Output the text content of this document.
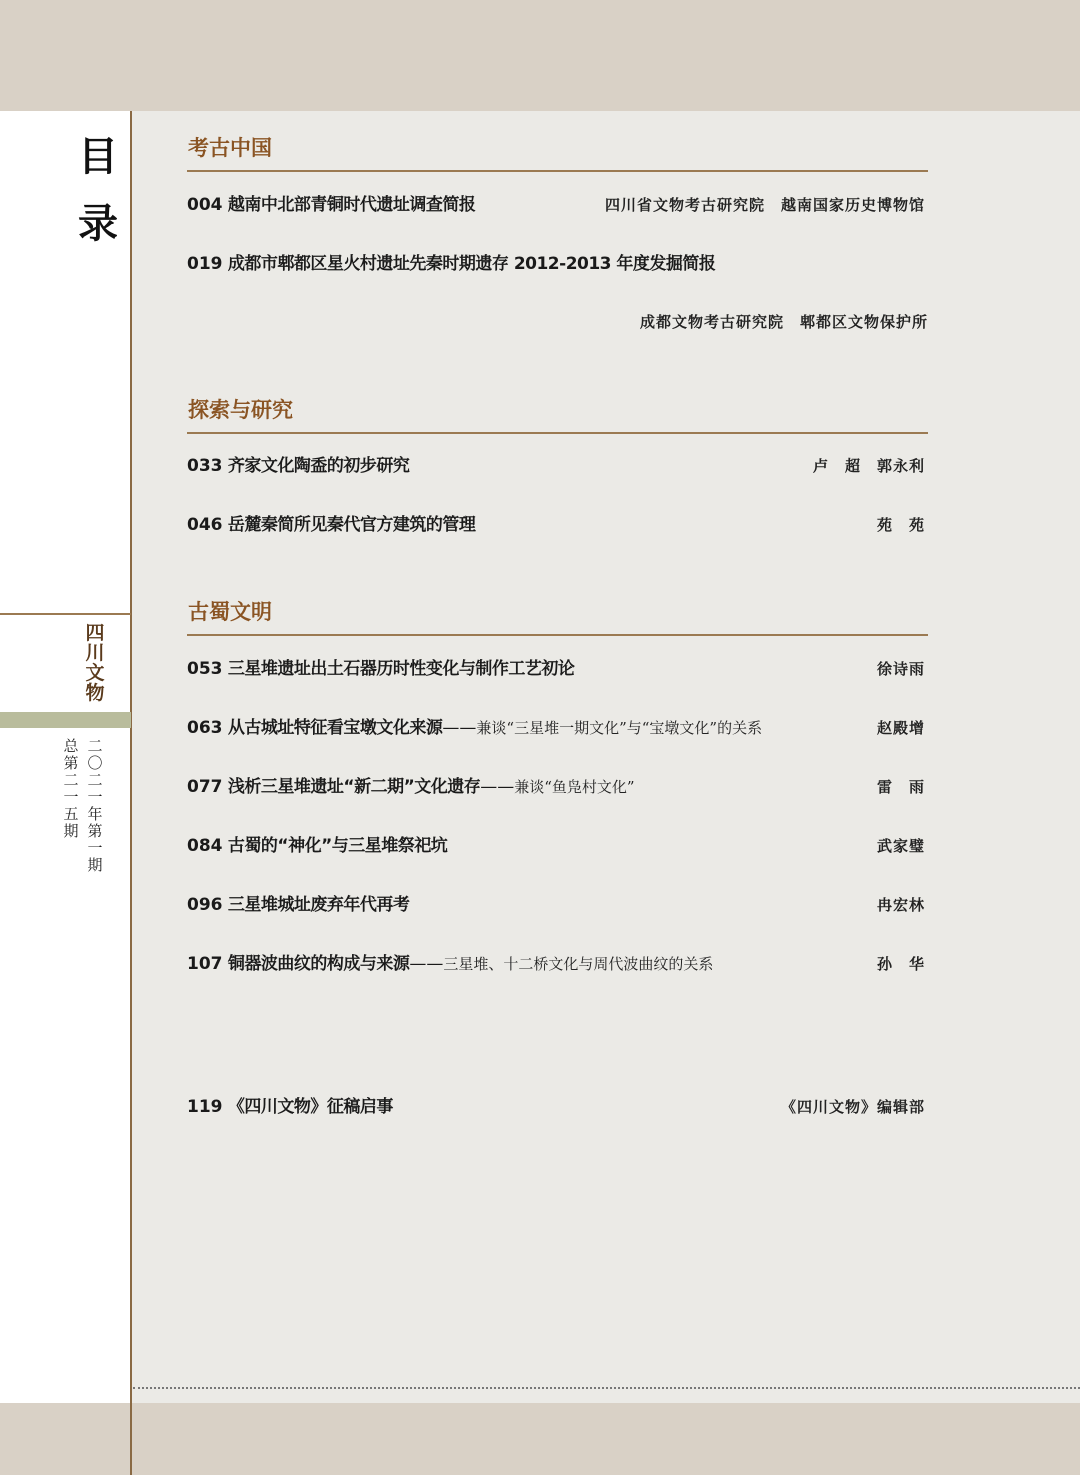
目
录
四
川
文
物
二〇二一年第一期
总第二一五期
考古中国
004 越南中北部青铜时代遗址调查简报	四川省文物考古研究院　越南国家历史博物馆
019 成都市郫都区星火村遗址先秦时期遗存 2012-2013 年度发掘简报
成都文物考古研究院　郫都区文物保护所
探索与研究
033 齐家文化陶盉的初步研究	卢　超　郭永利
046 岳麓秦简所见秦代官方建筑的管理	苑　苑
古蜀文明
053 三星堆遗址出土石器历时性变化与制作工艺初论	徐诗雨
063 从古城址特征看宝墩文化来源——兼谈“三星堆一期文化”与“宝墩文化”的关系	赵殿增
077 浅析三星堆遗址“新二期”文化遗存——兼谈“鱼凫村文化”	雷　雨
084 古蜀的“神化”与三星堆祭祀坑	武家璧
096 三星堆城址废弃年代再考	冉宏林
107 铜器波曲纹的构成与来源——三星堆、十二桥文化与周代波曲纹的关系	孙　华
119 《四川文物》征稿启事	《四川文物》编辑部
